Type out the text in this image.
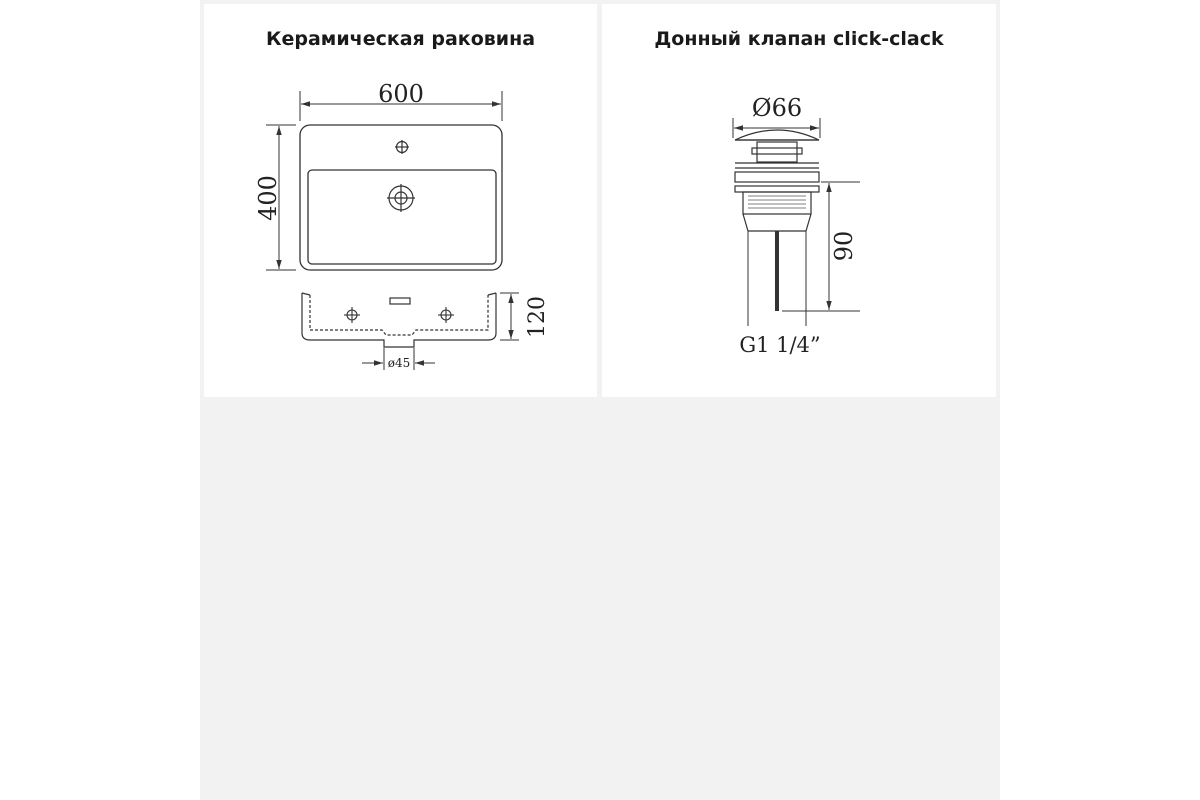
Керамическая раковина
600
400
120
ø45
Донный клапан click-clack
Ø66
90
G1 1/4”
